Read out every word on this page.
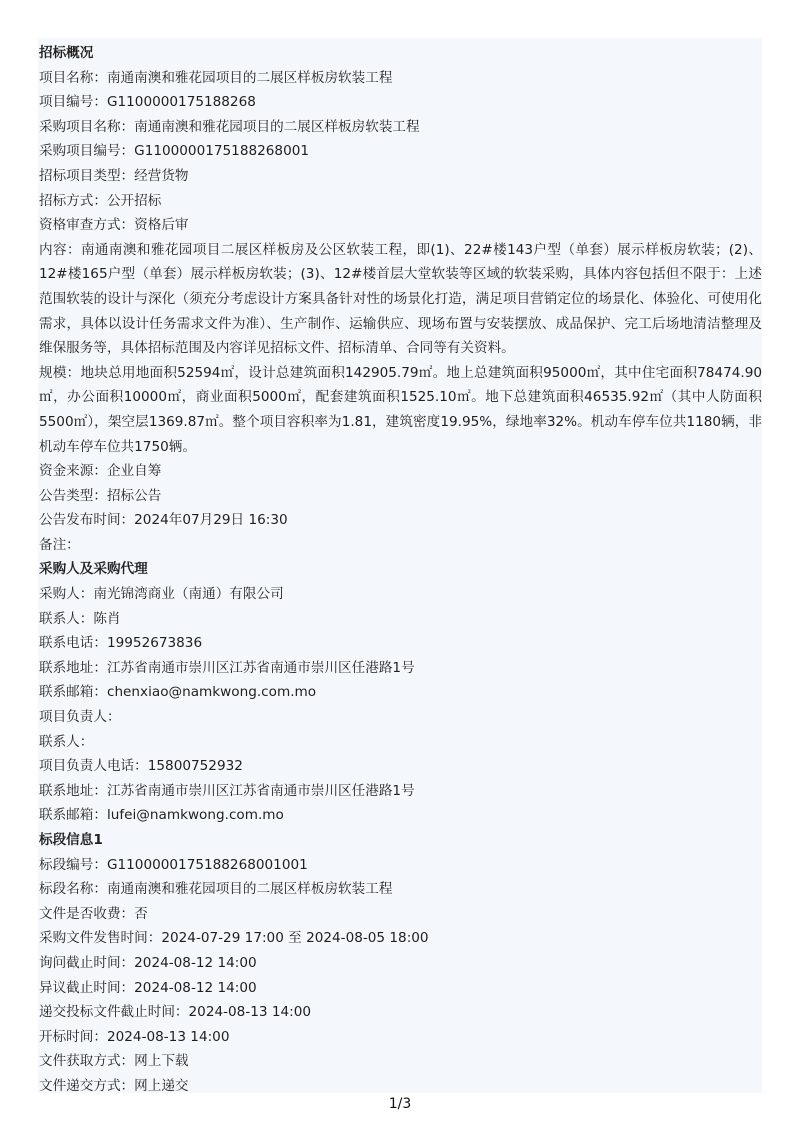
招标概况

项目名称：南通南澳和雅花园项目的二展区样板房软装工程

项目编号：G1100000175188268

采购项目名称：南通南澳和雅花园项目的二展区样板房软装工程

采购项目编号：G1100000175188268001

招标项目类型：经营货物

招标方式：公开招标

资格审查方式：资格后审

内容：南通南澳和雅花园项目二展区样板房及公区软装工程，即(1)、22#楼143户型（单套）展示样板房软装；(2)、12#楼165户型（单套）展示样板房软装；(3)、12#楼首层大堂软装等区域的软装采购，具体内容包括但不限于：上述范围软装的设计与深化（须充分考虑设计方案具备针对性的场景化打造，满足项目营销定位的场景化、体验化、可使用化需求，具体以设计任务需求文件为准）、生产制作、运输供应、现场布置与安装摆放、成品保护、完工后场地清洁整理及维保服务等，具体招标范围及内容详见招标文件、招标清单、合同等有关资料。

规模：地块总用地面积52594㎡，设计总建筑面积142905.79㎡。地上总建筑面积95000㎡，其中住宅面积78474.90㎡，办公面积10000㎡，商业面积5000㎡，配套建筑面积1525.10㎡。地下总建筑面积46535.92㎡（其中人防面积5500㎡），架空层1369.87㎡。整个项目容积率为1.81，建筑密度19.95%，绿地率32%。机动车停车位共1180辆，非机动车停车位共1750辆。

资金来源：企业自筹

公告类型：招标公告

公告发布时间：2024年07月29日 16:30

备注：

采购人及采购代理

采购人：南光锦湾商业（南通）有限公司

联系人：陈肖

联系电话：19952673836

联系地址：江苏省南通市崇川区江苏省南通市崇川区任港路1号

联系邮箱：chenxiao@namkwong.com.mo

项目负责人：

联系人：

项目负责人电话：15800752932

联系地址：江苏省南通市崇川区江苏省南通市崇川区任港路1号

联系邮箱：lufei@namkwong.com.mo

标段信息1

标段编号：G1100000175188268001001

标段名称：南通南澳和雅花园项目的二展区样板房软装工程

文件是否收费：否

采购文件发售时间：2024-07-29 17:00 至 2024-08-05 18:00

询问截止时间：2024-08-12 14:00

异议截止时间：2024-08-12 14:00

递交投标文件截止时间：2024-08-13 14:00

开标时间：2024-08-13 14:00

文件获取方式：网上下载

文件递交方式：网上递交

1/3
